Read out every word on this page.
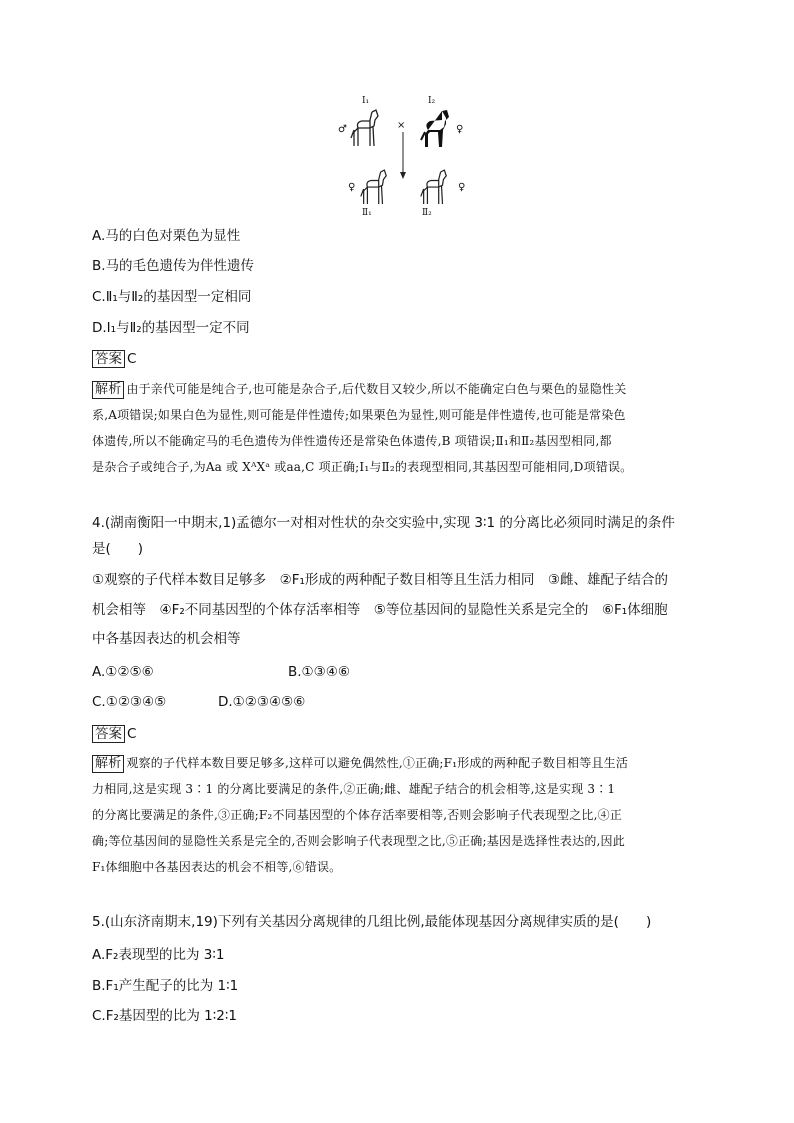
Ⅰ₁	Ⅰ₂
♂	♀
×
♀	♀
Ⅱ₁	Ⅱ₂
A.马的白色对栗色为显性
B.马的毛色遗传为伴性遗传
C.Ⅱ₁与Ⅱ₂的基因型一定相同
D.Ⅰ₁与Ⅱ₂的基因型一定不同
答案 C
解析 由于亲代可能是纯合子,也可能是杂合子,后代数目又较少,所以不能确定白色与栗色的显隐性关
系,A项错误;如果白色为显性,则可能是伴性遗传;如果栗色为显性,则可能是伴性遗传,也可能是常染色
体遗传,所以不能确定马的毛色遗传为伴性遗传还是常染色体遗传,B 项错误;Ⅱ₁和Ⅱ₂基因型相同,都
是杂合子或纯合子,为Aa 或 XᴬXᵃ 或aa,C 项正确;Ⅰ₁与Ⅱ₂的表现型相同,其基因型可能相同,D项错误。
4.(湖南衡阳一中期末,1)孟德尔一对相对性状的杂交实验中,实现 3∶1 的分离比必须同时满足的条件
是(　　)
①观察的子代样本数目足够多　②F₁形成的两种配子数目相等且生活力相同　③雌、雄配子结合的
机会相等　④F₂不同基因型的个体存活率相等　⑤等位基因间的显隐性关系是完全的　⑥F₁体细胞
中各基因表达的机会相等
A.①②⑤⑥	B.①③④⑥
C.①②③④⑤	D.①②③④⑤⑥
答案 C
解析 观察的子代样本数目要足够多,这样可以避免偶然性,①正确;F₁形成的两种配子数目相等且生活
力相同,这是实现 3∶1 的分离比要满足的条件,②正确;雌、雄配子结合的机会相等,这是实现 3∶1
的分离比要满足的条件,③正确;F₂不同基因型的个体存活率要相等,否则会影响子代表现型之比,④正
确;等位基因间的显隐性关系是完全的,否则会影响子代表现型之比,⑤正确;基因是选择性表达的,因此
F₁体细胞中各基因表达的机会不相等,⑥错误。
5.(山东济南期末,19)下列有关基因分离规律的几组比例,最能体现基因分离规律实质的是(　　)
A.F₂表现型的比为 3∶1
B.F₁产生配子的比为 1∶1
C.F₂基因型的比为 1∶2∶1
